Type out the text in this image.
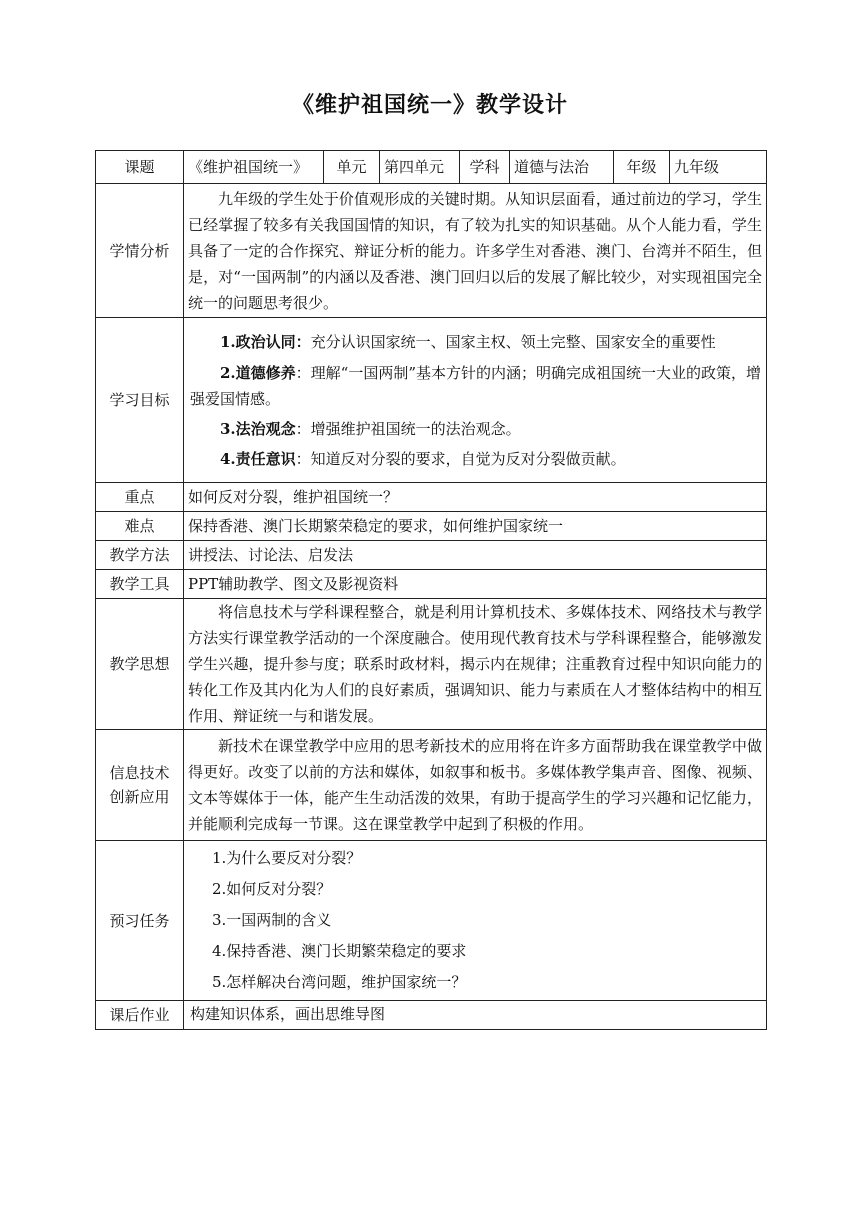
《维护祖国统一》教学设计
课题	《维护祖国统一》	单元	第四单元	学科	道德与法治	年级	九年级
学情分析	九年级的学生处于价值观形成的关键时期。从知识层面看，通过前边的学习，学生已经掌握了较多有关我国国情的知识，有了较为扎实的知识基础。从个人能力看，学生具备了一定的合作探究、辩证分析的能力。许多学生对香港、澳门、台湾并不陌生，但是，对“一国两制”的内涵以及香港、澳门回归以后的发展了解比较少，对实现祖国完全统一的问题思考很少。						
学习目标	1.政治认同：充分认识国家统一、国家主权、领土完整、国家安全的重要性

2.道德修养：理解“一国两制”基本方针的内涵；明确完成祖国统一大业的政策，增强爱国情感。

3.法治观念：增强维护祖国统一的法治观念。

4.责任意识：知道反对分裂的要求，自觉为反对分裂做贡献。						

重点	如何反对分裂，维护祖国统一？						
难点	保持香港、澳门长期繁荣稳定的要求，如何维护国家统一						
教学方法	讲授法、讨论法、启发法						
教学工具	PPT辅助教学、图文及影视资料						
教学思想	将信息技术与学科课程整合，就是利用计算机技术、多媒体技术、网络技术与教学方法实行课堂教学活动的一个深度融合。使用现代教育技术与学科课程整合，能够激发学生兴趣，提升参与度；联系时政材料，揭示内在规律；注重教育过程中知识向能力的转化工作及其内化为人们的良好素质，强调知识、能力与素质在人才整体结构中的相互作用、辩证统一与和谐发展。						
信息技术
创新应用	新技术在课堂教学中应用的思考新技术的应用将在许多方面帮助我在课堂教学中做得更好。改变了以前的方法和媒体，如叙事和板书。多媒体教学集声音、图像、视频、文本等媒体于一体，能产生生动活泼的效果，有助于提高学生的学习兴趣和记忆能力，并能顺利完成每一节课。这在课堂教学中起到了积极的作用。						
预习任务	1.为什么要反对分裂？

2.如何反对分裂？

3.一国两制的含义

4.保持香港、澳门长期繁荣稳定的要求

5.怎样解决台湾问题，维护国家统一？						

课后作业	构建知识体系，画出思维导图						
